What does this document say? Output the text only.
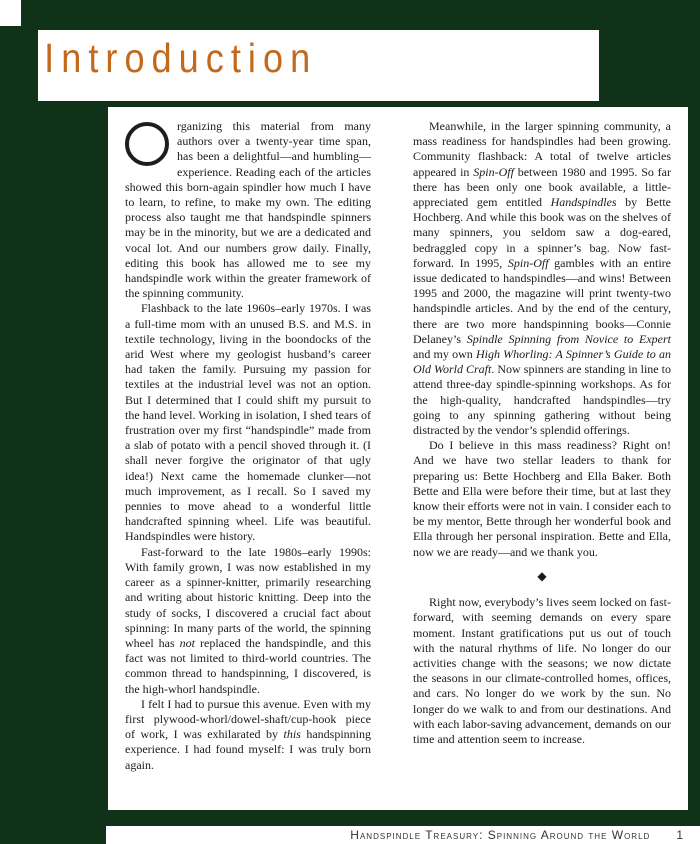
Introduction

rganizing this material from many authors over a twenty-year time span, has been a delightful—and humbling—experience. Reading each of the articles showed this born-again spindler how much I have to learn, to refine, to make my own. The editing process also taught me that handspindle spinners may be in the minority, but we are a dedicated and vocal lot. And our numbers grow daily. Finally, editing this book has allowed me to see my handspindle work within the greater framework of the spinning community.

Flashback to the late 1960s–early 1970s. I was a full-time mom with an unused B.S. and M.S. in textile technology, living in the boondocks of the arid West where my geologist husband’s career had taken the family. Pursuing my passion for textiles at the industrial level was not an option. But I determined that I could shift my pursuit to the hand level. Working in isolation, I shed tears of frustration over my first “handspindle” made from a slab of potato with a pencil shoved through it. (I shall never forgive the originator of that ugly idea!) Next came the homemade clunker—not much improvement, as I recall. So I saved my pennies to move ahead to a wonderful little handcrafted spinning wheel. Life was beautiful. Handspindles were history.

Fast-forward to the late 1980s–early 1990s: With family grown, I was now established in my career as a spinner-knitter, primarily researching and writing about historic knitting. Deep into the study of socks, I discovered a crucial fact about spinning: In many parts of the world, the spinning wheel has not replaced the handspindle, and this fact was not limited to third-world countries. The common thread to handspinning, I discovered, is the high-whorl handspindle.

I felt I had to pursue this avenue. Even with my first plywood-whorl/dowel-shaft/cup-hook piece of work, I was exhilarated by this handspinning experience. I had found myself: I was truly born again.

Meanwhile, in the larger spinning community, a mass readiness for handspindles had been growing. Community flashback: A total of twelve articles appeared in Spin-Off between 1980 and 1995. So far there has been only one book available, a little-appreciated gem entitled Handspindles by Bette Hochberg. And while this book was on the shelves of many spinners, you seldom saw a dog-eared, bedraggled copy in a spinner’s bag. Now fast-forward. In 1995, Spin-Off gambles with an entire issue dedicated to handspindles—and wins! Between 1995 and 2000, the magazine will print twenty-two handspindle articles. And by the end of the century, there are two more handspinning books—Connie Delaney’s Spindle Spinning from Novice to Expert and my own High Whorling: A Spinner’s Guide to an Old World Craft. Now spinners are standing in line to attend three-day spindle-spinning workshops. As for the high-quality, handcrafted handspindles—try going to any spinning gathering without being distracted by the vendor’s splendid offerings.

Do I believe in this mass readiness? Right on! And we have two stellar leaders to thank for preparing us: Bette Hochberg and Ella Baker. Both Bette and Ella were before their time, but at last they know their efforts were not in vain. I consider each to be my mentor, Bette through her wonderful book and Ella through her personal inspiration. Bette and Ella, now we are ready—and we thank you.

◆

Right now, everybody’s lives seem locked on fast-forward, with seeming demands on every spare moment. Instant gratifications put us out of touch with the natural rhythms of life. No longer do our activities change with the seasons; we now dictate the seasons in our climate-controlled homes, offices, and cars. No longer do we work by the sun. No longer do we walk to and from our destinations. And with each labor-saving advancement, demands on our time and attention seem to increase.

Handspindle Treasury: Spinning Around the World 1
